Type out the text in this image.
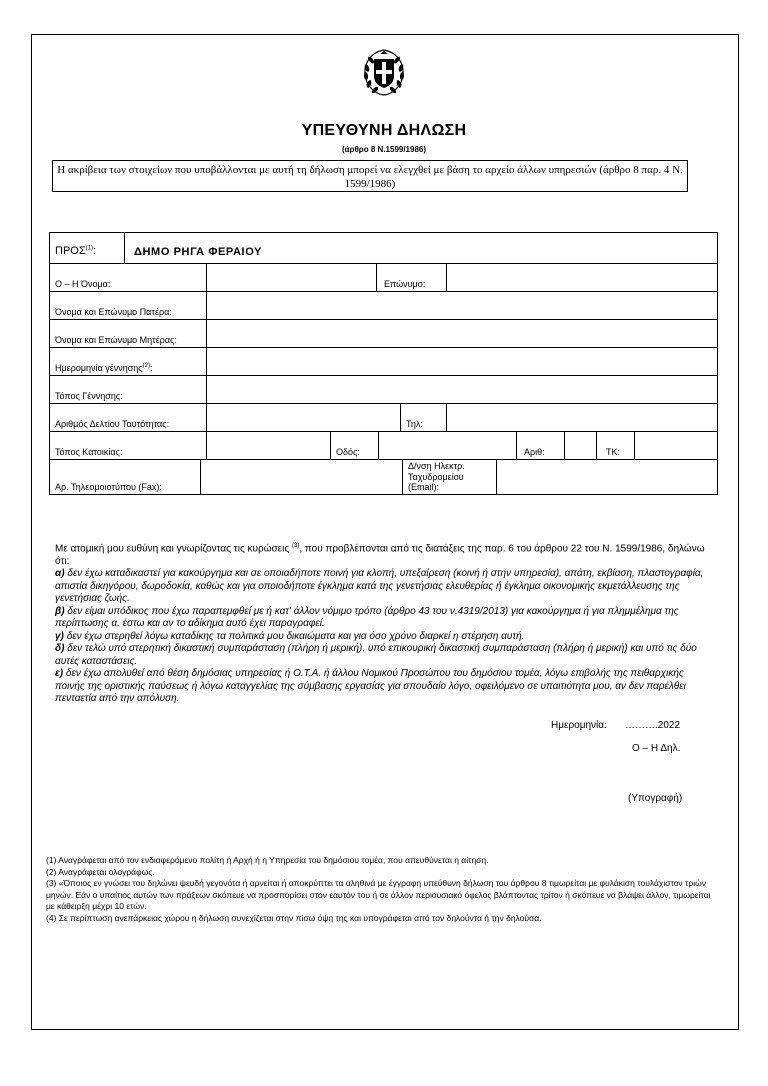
ΥΠΕΥΘΥΝΗ ΔΗΛΩΣΗ
(άρθρο 8 Ν.1599/1986)
Η ακρίβεια των στοιχείων που υποβάλλονται με αυτή τη δήλωση μπορεί να ελεγχθεί με βάση το αρχείο άλλων υπηρεσιών (άρθρο 8 παρ. 4 Ν. 1599/1986)
ΠΡΟΣ$^{(1)}$:	ΔΗΜΟ ΡΗΓΑ ΦΕΡΑΙΟΥ
Ο – Η Όνομα:	Επώνυμο:
Όνομα και Επώνυμο Πατέρα:
Όνομα και Επώνυμο Μητέρας:
Ημερομηνία γέννησης$^{(2)}$:
Τόπος Γέννησης:
Αριθμός Δελτίου Ταυτότητας:	Τηλ:
Τόπος Κατοικίας:	Οδός:	Αριθ:	ΤΚ:
Αρ. Τηλεομοιοτύπου (Fax):
Δ/νση Ηλεκτρ.
Ταχυδρομείου
(Email):

Με ατομική μου ευθύνη και γνωρίζοντας τις κυρώσεις $^{(3)}$, που προβλέπονται από τις διατάξεις της παρ. 6 του άρθρου 22 του Ν. 1599/1986, δηλώνω ότι:

α) δεν έχω καταδικαστεί για κακούργημα και σε οποιαδήποτε ποινή για κλοπή, υπεξαίρεση (κοινή ή στην υπηρεσία), απάτη, εκβίαση, πλαστογραφία, απιστία δικηγόρου, δωροδοκία, καθώς και για οποιοδήποτε έγκλημα κατά της γενετήσιας ελευθερίας ή έγκλημα οικονομικής εκμετάλλευσης της γενετήσιας ζωής.

β) δεν είμαι υπόδικος που έχω παραπεμφθεί με ή κατ' άλλον νόμιμο τρόπο (άρθρο 43 του ν.4319/2013) για κακούργημα ή για πλημμέλημα της περίπτωσης α, έστω και αν το αδίκημα αυτό έχει παραγραφεί.

γ) δεν έχω στερηθεί λόγω καταδίκης τα πολιτικά μου δικαιώματα και για όσο χρόνο διαρκεί η στέρηση αυτή.

δ) δεν τελώ υπό στερητική δικαστική συμπαράσταση (πλήρη ή μερική), υπό επικουρική δικαστική συμπαράσταση (πλήρη ή μερική) και υπό τις δύο αυτές καταστάσεις.

ε) δεν έχω απολυθεί από θέση δημόσιας υπηρεσίας ή Ο.Τ.Α. ή άλλου Νομικού Προσώπου του δημόσιου τομέα, λόγω επιβολής της πειθαρχικής ποινής της οριστικής παύσεως ή λόγω καταγγελίας της σύμβασης εργασίας για σπουδαίο λόγο, οφειλόμενο σε υπαιτιότητα μου, αν δεν παρέλθει πενταετία από την απόλυση.

Ημερομηνία: ……….2022
Ο – Η Δηλ.
(Υπογραφή)

(1) Αναγράφεται από τον ενδιαφερόμενο πολίτη ή Αρχή ή η Υπηρεσία του δημόσιου τομέα, που απευθύνεται η αίτηση.

(2) Αναγράφεται ολογράφως.

(3) «Όποιος εν γνώσει του δηλώνει ψευδή γεγονότα ή αρνείται ή αποκρύπτει τα αληθινά με έγγραφη υπεύθυνη δήλωση του άρθρου 8 τιμωρείται με φυλάκιση τουλάχιστον τριών μηνών. Εάν ο υπαίτιος αυτών των πράξεων σκόπευε να προσπορίσει στον εαυτόν του ή σε άλλον περιουσιακό όφελος βλάπτοντας τρίτον ή σκόπευε να βλάψει άλλον, τιμωρείται με κάθειρξη μέχρι 10 ετών.

(4) Σε περίπτωση ανεπάρκειας χώρου η δήλωση συνεχίζεται στην πίσω όψη της και υπογράφεται από τον δηλούντα ή την δηλούσα.
